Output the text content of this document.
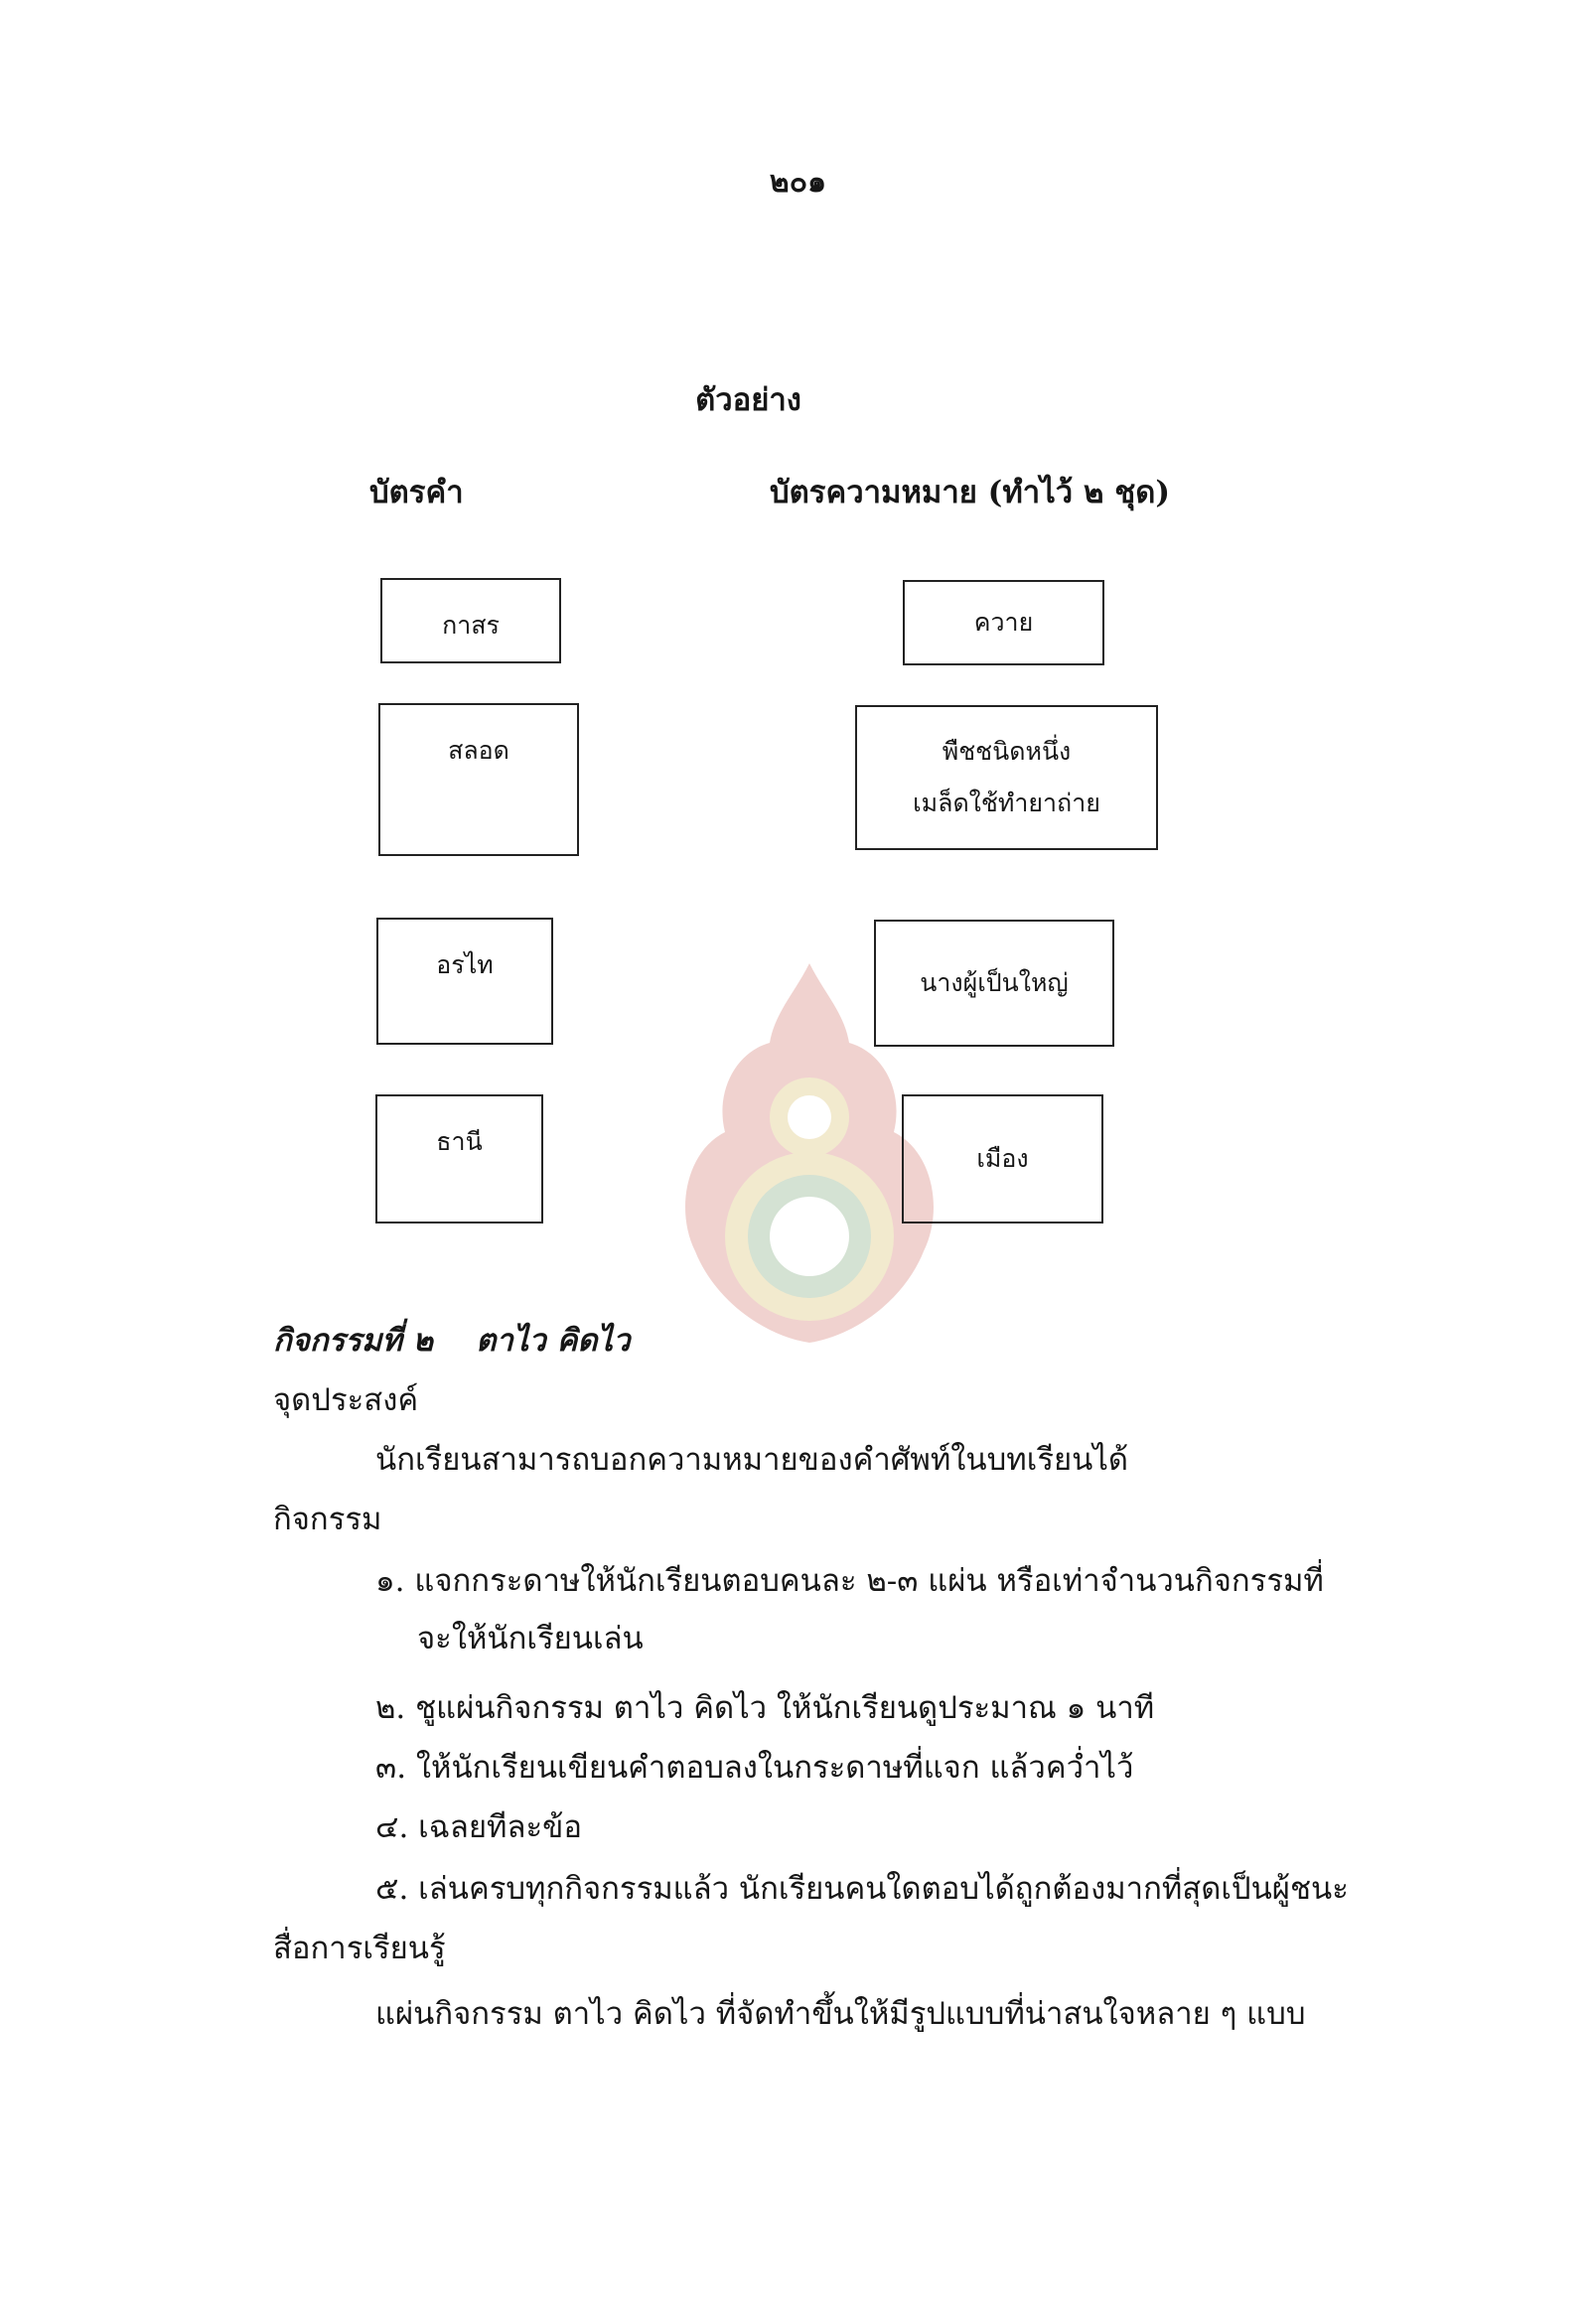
๒๐๑
ตัวอย่าง
บัตรคำ	บัตรความหมาย (ทำไว้ ๒ ชุด)
กาสร
สลอด
อรไท
ธานี
ควาย
พืชชนิดหนึ่ง
เมล็ดใช้ทำยาถ่าย
นางผู้เป็นใหญ่
เมือง
กิจกรรมที่ ๒ ตาไว คิดไว
จุดประสงค์
นักเรียนสามารถบอกความหมายของคำศัพท์ในบทเรียนได้
กิจกรรม
๑. แจกกระดาษให้นักเรียนตอบคนละ ๒-๓ แผ่น หรือเท่าจำนวนกิจกรรมที่
จะให้นักเรียนเล่น
๒. ชูแผ่นกิจกรรม ตาไว คิดไว ให้นักเรียนดูประมาณ ๑ นาที
๓. ให้นักเรียนเขียนคำตอบลงในกระดาษที่แจก แล้วคว่ำไว้
๔. เฉลยทีละข้อ
๕. เล่นครบทุกกิจกรรมแล้ว นักเรียนคนใดตอบได้ถูกต้องมากที่สุดเป็นผู้ชนะ
สื่อการเรียนรู้
แผ่นกิจกรรม ตาไว คิดไว ที่จัดทำขึ้นให้มีรูปแบบที่น่าสนใจหลาย ๆ แบบ
